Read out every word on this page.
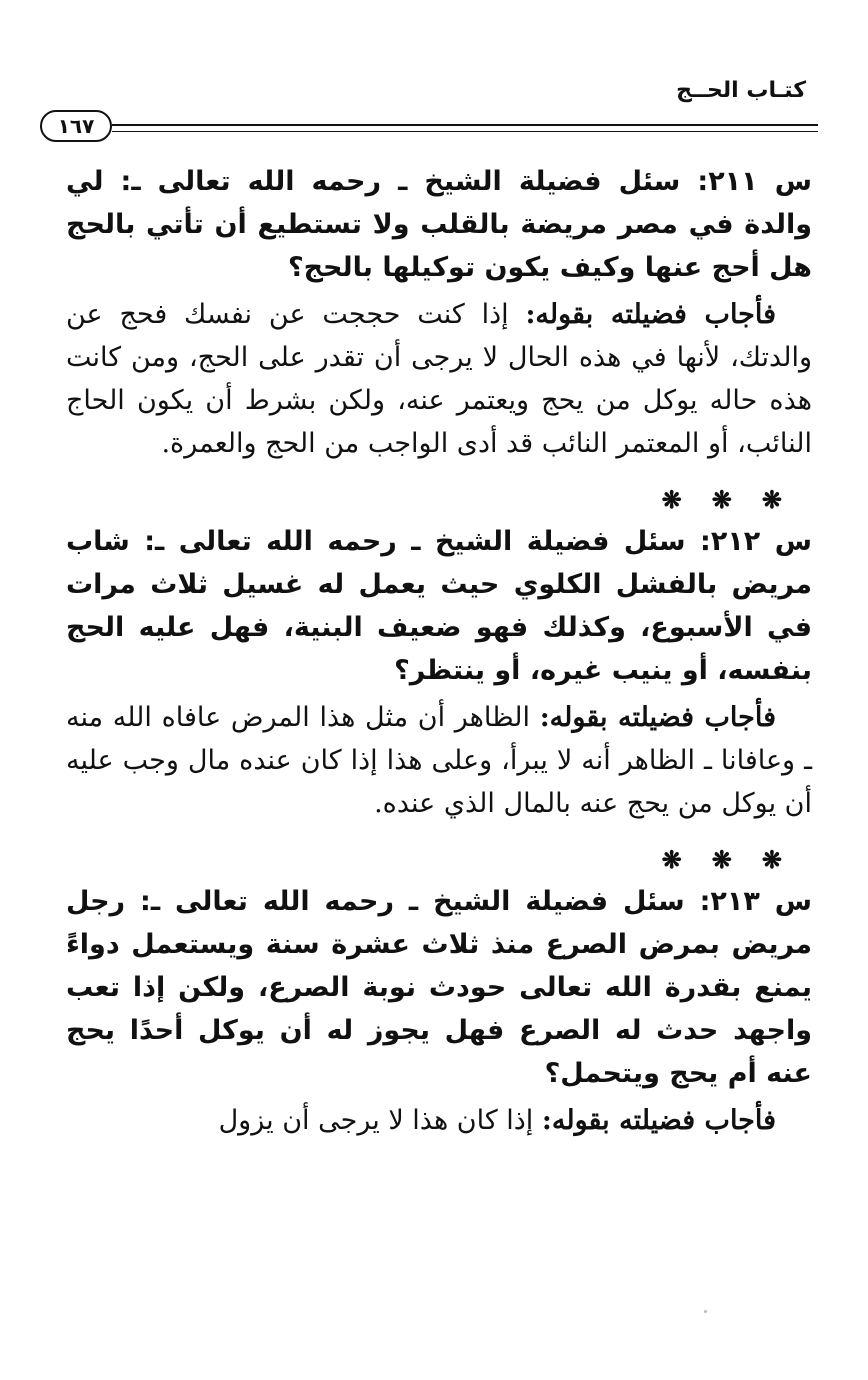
كتـاب الحــج
١٦٧

س ٢١١: سئل فضيلة الشيخ ـ رحمه الله تعالى ـ: لي والدة في مصر مريضة بالقلب ولا تستطيع أن تأتي بالحج هل أحج عنها وكيف يكون توكيلها بالحج؟

فأجاب فضيلته بقوله: إذا كنت حججت عن نفسك فحج عن والدتك، لأنها في هذه الحال لا يرجى أن تقدر على الحج، ومن كانت هذه حاله يوكل من يحج ويعتمر عنه، ولكن بشرط أن يكون الحاج النائب، أو المعتمر النائب قد أدى الواجب من الحج والعمرة.

❋❋❋

س ٢١٢: سئل فضيلة الشيخ ـ رحمه الله تعالى ـ: شاب مريض بالفشل الكلوي حيث يعمل له غسيل ثلاث مرات في الأسبوع، وكذلك فهو ضعيف البنية، فهل عليه الحج بنفسه، أو ينيب غيره، أو ينتظر؟

فأجاب فضيلته بقوله: الظاهر أن مثل هذا المرض عافاه الله منه ـ وعافانا ـ الظاهر أنه لا يبرأ، وعلى هذا إذا كان عنده مال وجب عليه أن يوكل من يحج عنه بالمال الذي عنده.

❋❋❋

س ٢١٣: سئل فضيلة الشيخ ـ رحمه الله تعالى ـ: رجل مريض بمرض الصرع منذ ثلاث عشرة سنة ويستعمل دواءً يمنع بقدرة الله تعالى حودث نوبة الصرع، ولكن إذا تعب واجهد حدث له الصرع فهل يجوز له أن يوكل أحدًا يحج عنه أم يحج ويتحمل؟

فأجاب فضيلته بقوله: إذا كان هذا لا يرجى أن يزول
